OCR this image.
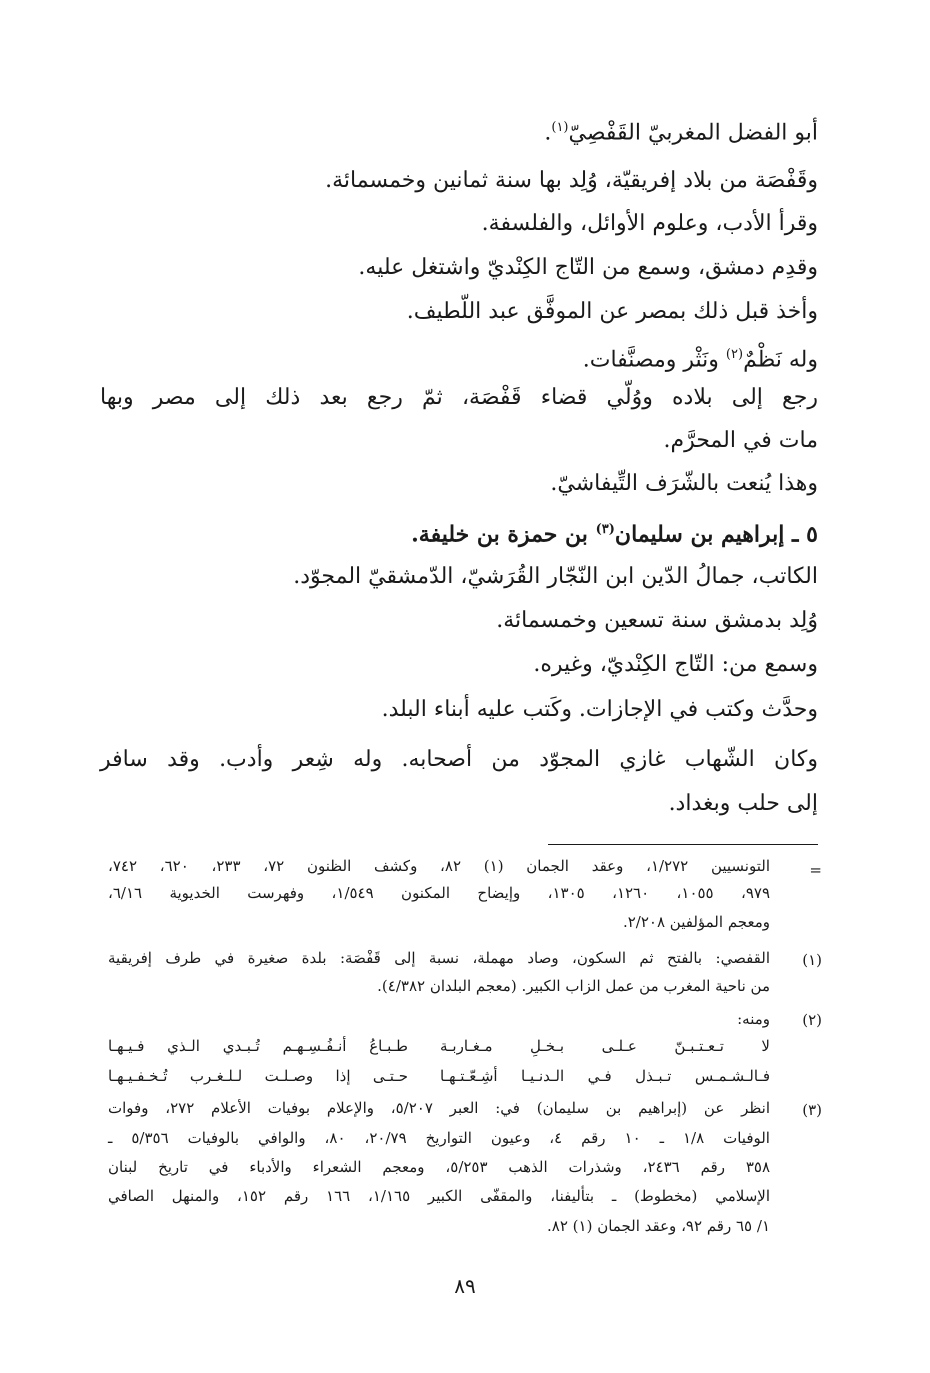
أبو الفضل المغربيّ القَفْصِيّ$^{(١)}$.
وقَفْصَة من بلاد إفريقيّة، وُلِد بها سنة ثمانين وخمسمائة.
وقرأ الأدب، وعلوم الأوائل، والفلسفة.
وقدِم دمشق، وسمع من التّاج الكِنْديّ واشتغل عليه.
وأخذ قبل ذلك بمصر عن الموفَّق عبد اللّطيف.
وله نَظْمٌ$^{(٢)}$ ونَثْر ومصنَّفات.
رجع إلى بلاده ووُلّي قضاء قَفْصَة، ثمّ رجع بعد ذلك إلى مصر وبها
مات في المحرَّم.
وهذا يُنعت بالشّرَف التِّيفاشيّ.
٥ ـ إبراهيم بن سليمان$^{(٣)}$ بن حمزة بن خليفة.
الكاتب، جمالُ الدّين ابن النّجّار القُرَشيّ، الدّمشقيّ المجوّد.
وُلِد بدمشق سنة تسعين وخمسمائة.
وسمع من: التّاج الكِنْديّ، وغيره.
وحدَّث وكتب في الإجازات. وكَتب عليه أبناء البلد.
وكان الشّهاب غازي المجوّد من أصحابه. وله شِعر وأدب. وقد سافر
إلى حلب وبغداد.
=
التونسيين ١/٢٧٢، وعقد الجمان (١) ٨٢، وكشف الظنون ٧٢، ٢٣٣، ٦٢٠، ٧٤٢،
٩٧٩، ١٠٥٥، ١٢٦٠، ١٣٠٥، وإيضاح المكنون ١/٥٤٩، وفهرست الخديوية ٦/١٦،
ومعجم المؤلفين ٢/٢٠٨.
(١)
القفصي: بالفتح ثم السكون، وصاد مهملة، نسبة إلى قَفْصَة: بلدة صغيرة في طرف إفريقية
من ناحية المغرب من عمل الزاب الكبير. (معجم البلدان ٤/٣٨٢).
(٢)
ومنه:
لا تـعـتـبـنّ عـلـى بـخـلِ مـغـاربـة
طـبـاعُ أنـفُـسِـهـم تُـبـدي الـذي فـيـهـا
فـالـشـمـس تـبـذل فـي الـدنـيـا أشِـعّـتـهـا
حـتـى إذا وصـلـت لـلـغـرب تُـخـفـيـهـا
(٣)
انظر عن (إبراهيم بن سليمان) في: العبر ٥/٢٠٧، والإعلام بوفيات الأعلام ٢٧٢، وفوات
الوفيات ١/٨ ـ ١٠ رقم ٤، وعيون التواريخ ٢٠/٧٩، ٨٠، والوافي بالوفيات ٥/٣٥٦ ـ
٣٥٨ رقم ٢٤٣٦، وشذرات الذهب ٥/٢٥٣، ومعجم الشعراء والأدباء في تاريخ لبنان
الإسلامي (مخطوط) ـ بتأليفنا، والمقفّى الكبير ١/١٦٥، ١٦٦ رقم ١٥٢، والمنهل الصافي
١/ ٦٥ رقم ٩٢، وعقد الجمان (١) ٨٢.
٨٩
